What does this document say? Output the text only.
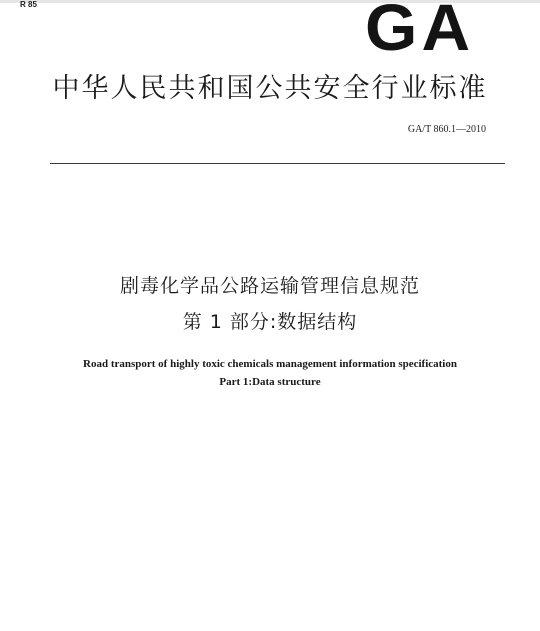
R 85	GA
中华人民共和国公共安全行业标准
GA/T 860.1—2010
剧毒化学品公路运输管理信息规范
第 1 部分:数据结构
Road transport of highly toxic chemicals management information specification
Part 1:Data structure
